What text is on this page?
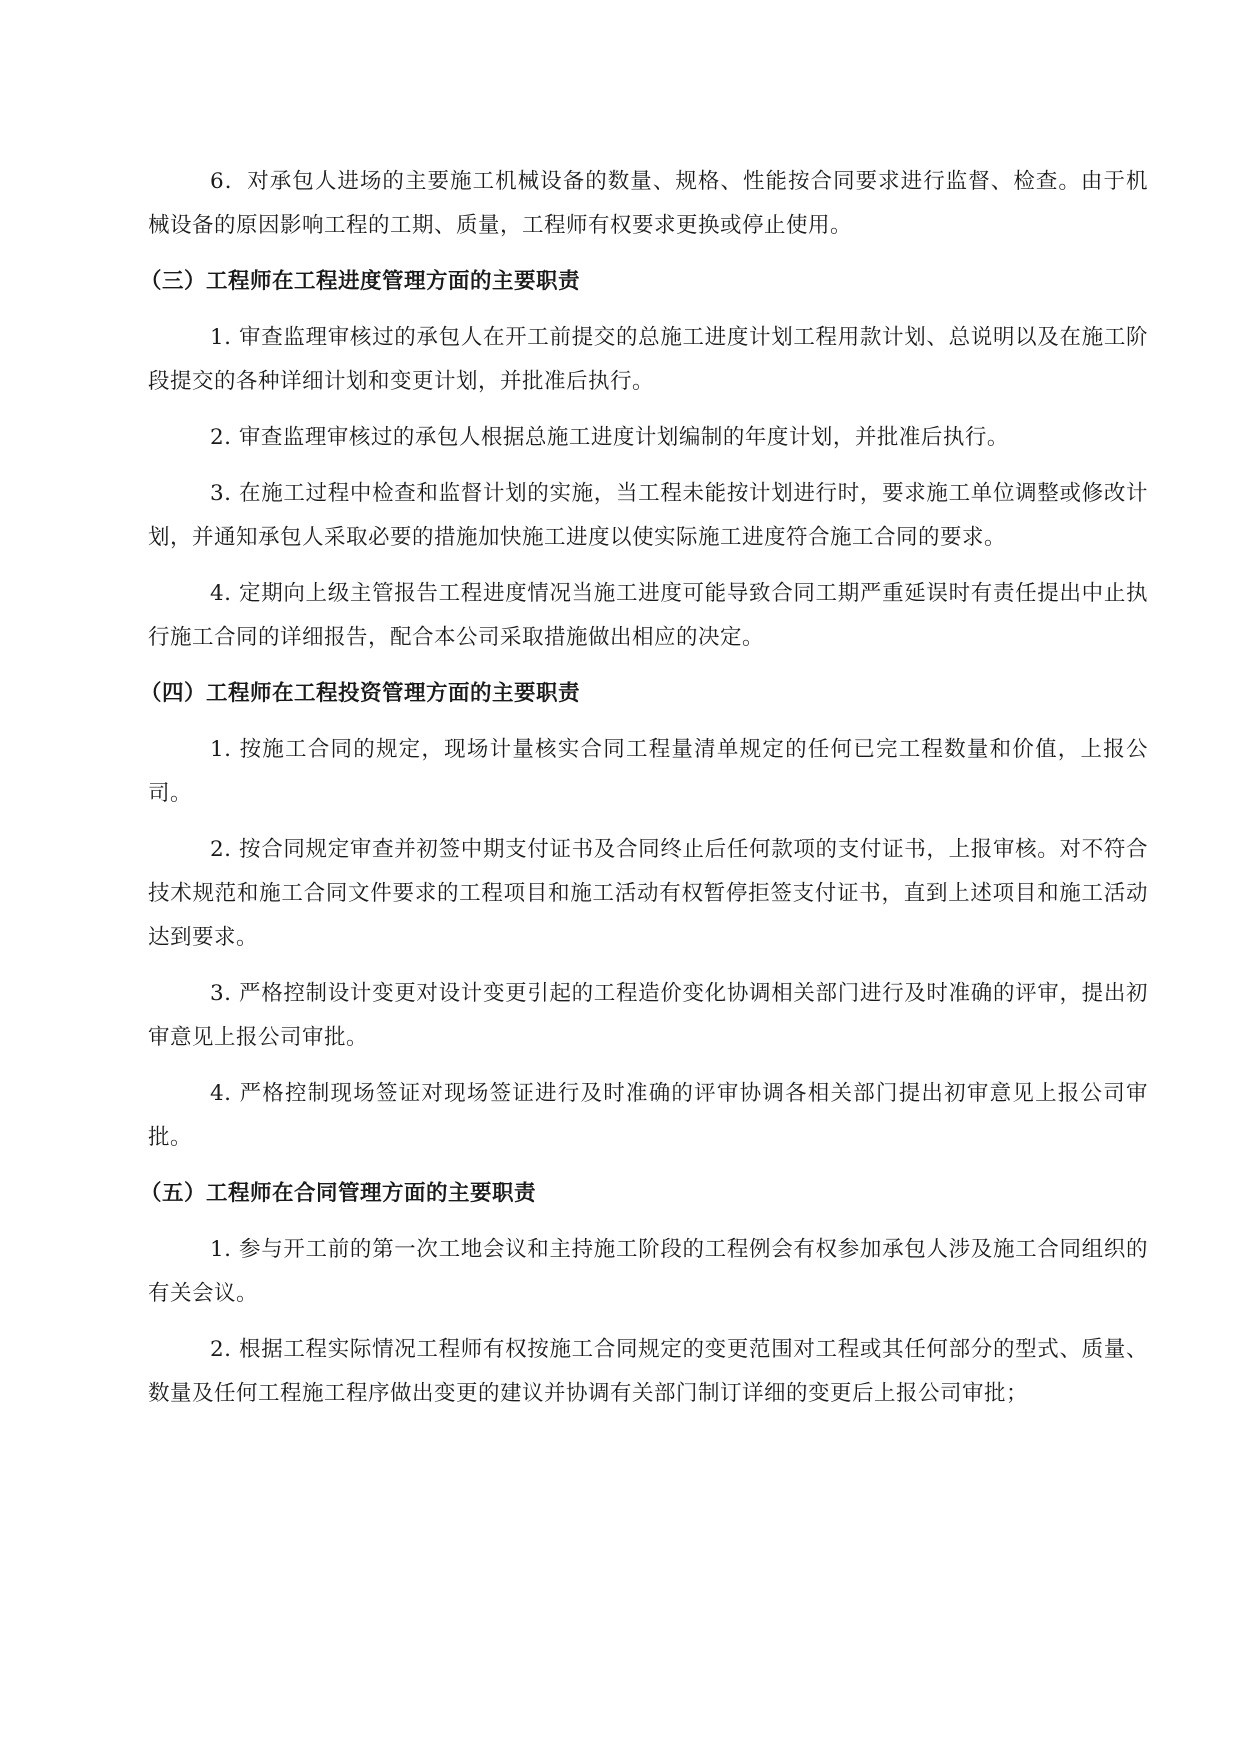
6．对承包人进场的主要施工机械设备的数量、规格、性能按合同要求进行监督、检查。由于机械设备的原因影响工程的工期、质量，工程师有权要求更换或停止使用。

（三）工程师在工程进度管理方面的主要职责

1. 审查监理审核过的承包人在开工前提交的总施工进度计划工程用款计划、总说明以及在施工阶段提交的各种详细计划和变更计划，并批准后执行。

2. 审查监理审核过的承包人根据总施工进度计划编制的年度计划，并批准后执行。

3. 在施工过程中检查和监督计划的实施，当工程未能按计划进行时，要求施工单位调整或修改计划，并通知承包人采取必要的措施加快施工进度以使实际施工进度符合施工合同的要求。

4. 定期向上级主管报告工程进度情况当施工进度可能导致合同工期严重延误时有责任提出中止执行施工合同的详细报告，配合本公司采取措施做出相应的决定。

（四）工程师在工程投资管理方面的主要职责

1. 按施工合同的规定，现场计量核实合同工程量清单规定的任何已完工程数量和价值，上报公司。

2. 按合同规定审查并初签中期支付证书及合同终止后任何款项的支付证书，上报审核。对不符合技术规范和施工合同文件要求的工程项目和施工活动有权暂停拒签支付证书，直到上述项目和施工活动达到要求。

3. 严格控制设计变更对设计变更引起的工程造价变化协调相关部门进行及时准确的评审，提出初审意见上报公司审批。

4. 严格控制现场签证对现场签证进行及时准确的评审协调各相关部门提出初审意见上报公司审批。

（五）工程师在合同管理方面的主要职责

1. 参与开工前的第一次工地会议和主持施工阶段的工程例会有权参加承包人涉及施工合同组织的有关会议。

2. 根据工程实际情况工程师有权按施工合同规定的变更范围对工程或其任何部分的型式、质量、数量及任何工程施工程序做出变更的建议并协调有关部门制订详细的变更后上报公司审批；
